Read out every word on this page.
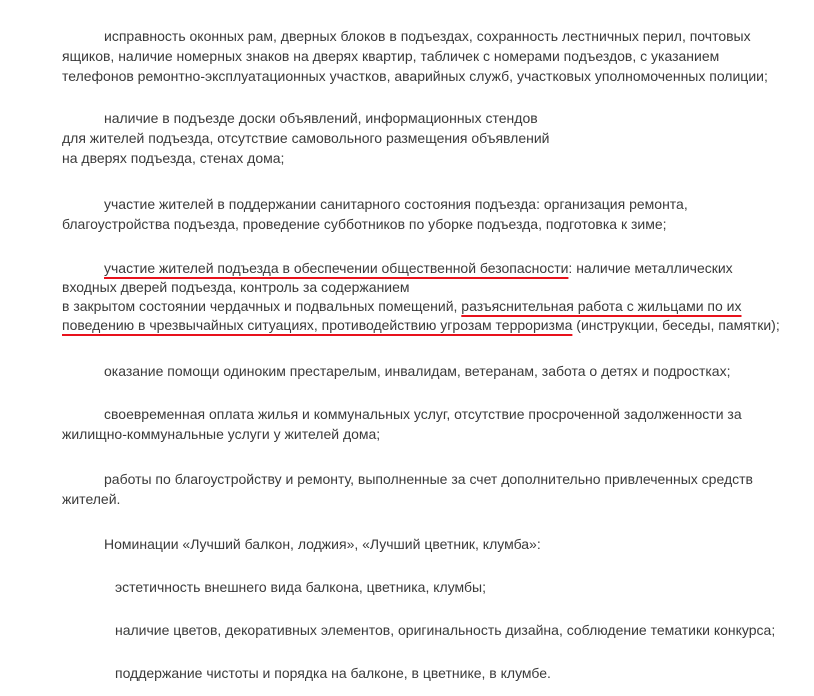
исправность оконных рам, дверных блоков в подъездах, сохранность лестничных перил, почтовых
ящиков, наличие номерных знаков на дверях квартир, табличек с номерами подъездов, с указанием
телефонов ремонтно-эксплуатационных участков, аварийных служб, участковых уполномоченных полиции;

наличие в подъезде доски объявлений, информационных стендов
для жителей подъезда, отсутствие самовольного размещения объявлений
на дверях подъезда, стенах дома;

участие жителей в поддержании санитарного состояния подъезда: организация ремонта,
благоустройства подъезда, проведение субботников по уборке подъезда, подготовка к зиме;

участие жителей подъезда в обеспечении общественной безопасности: наличие металлических
входных дверей подъезда, контроль за содержанием
в закрытом состоянии чердачных и подвальных помещений, разъяснительная работа с жильцами по их
поведению в чрезвычайных ситуациях, противодействию угрозам терроризма (инструкции, беседы, памятки);

оказание помощи одиноким престарелым, инвалидам, ветеранам, забота о детях и подростках;

своевременная оплата жилья и коммунальных услуг, отсутствие просроченной задолженности за
жилищно-коммунальные услуги у жителей дома;

работы по благоустройству и ремонту, выполненные за счет дополнительно привлеченных средств
жителей.

Номинации «Лучший балкон, лоджия», «Лучший цветник, клумба»:

эстетичность внешнего вида балкона, цветника, клумбы;

наличие цветов, декоративных элементов, оригинальность дизайна, соблюдение тематики конкурса;

поддержание чистоты и порядка на балконе, в цветнике, в клумбе.
